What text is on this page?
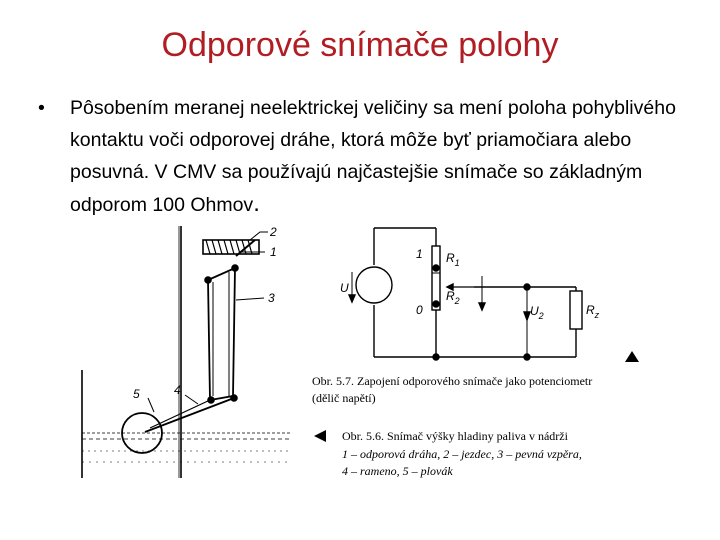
Odporové snímače polohy
• Pôsobením meranej neelektrickej veličiny sa mení poloha pohyblivého kontaktu voči odporovej dráhe, ktorá môže byť priamočiara alebo posuvná. V CMV sa používajú najčastejšie snímače so základným odporom 100 Ohmov.
2
1
3
5	4
U
1
0
$R_1$
$R_2$
$U_2$	$R_z$
Obr. 5.7. Zapojení odporového snímače jako potenciometr
(dělič napětí)
Obr. 5.6. Snímač výšky hladiny paliva v nádrži
1 – odporová dráha, 2 – jezdec, 3 – pevná vzpěra,
4 – rameno, 5 – plovák
